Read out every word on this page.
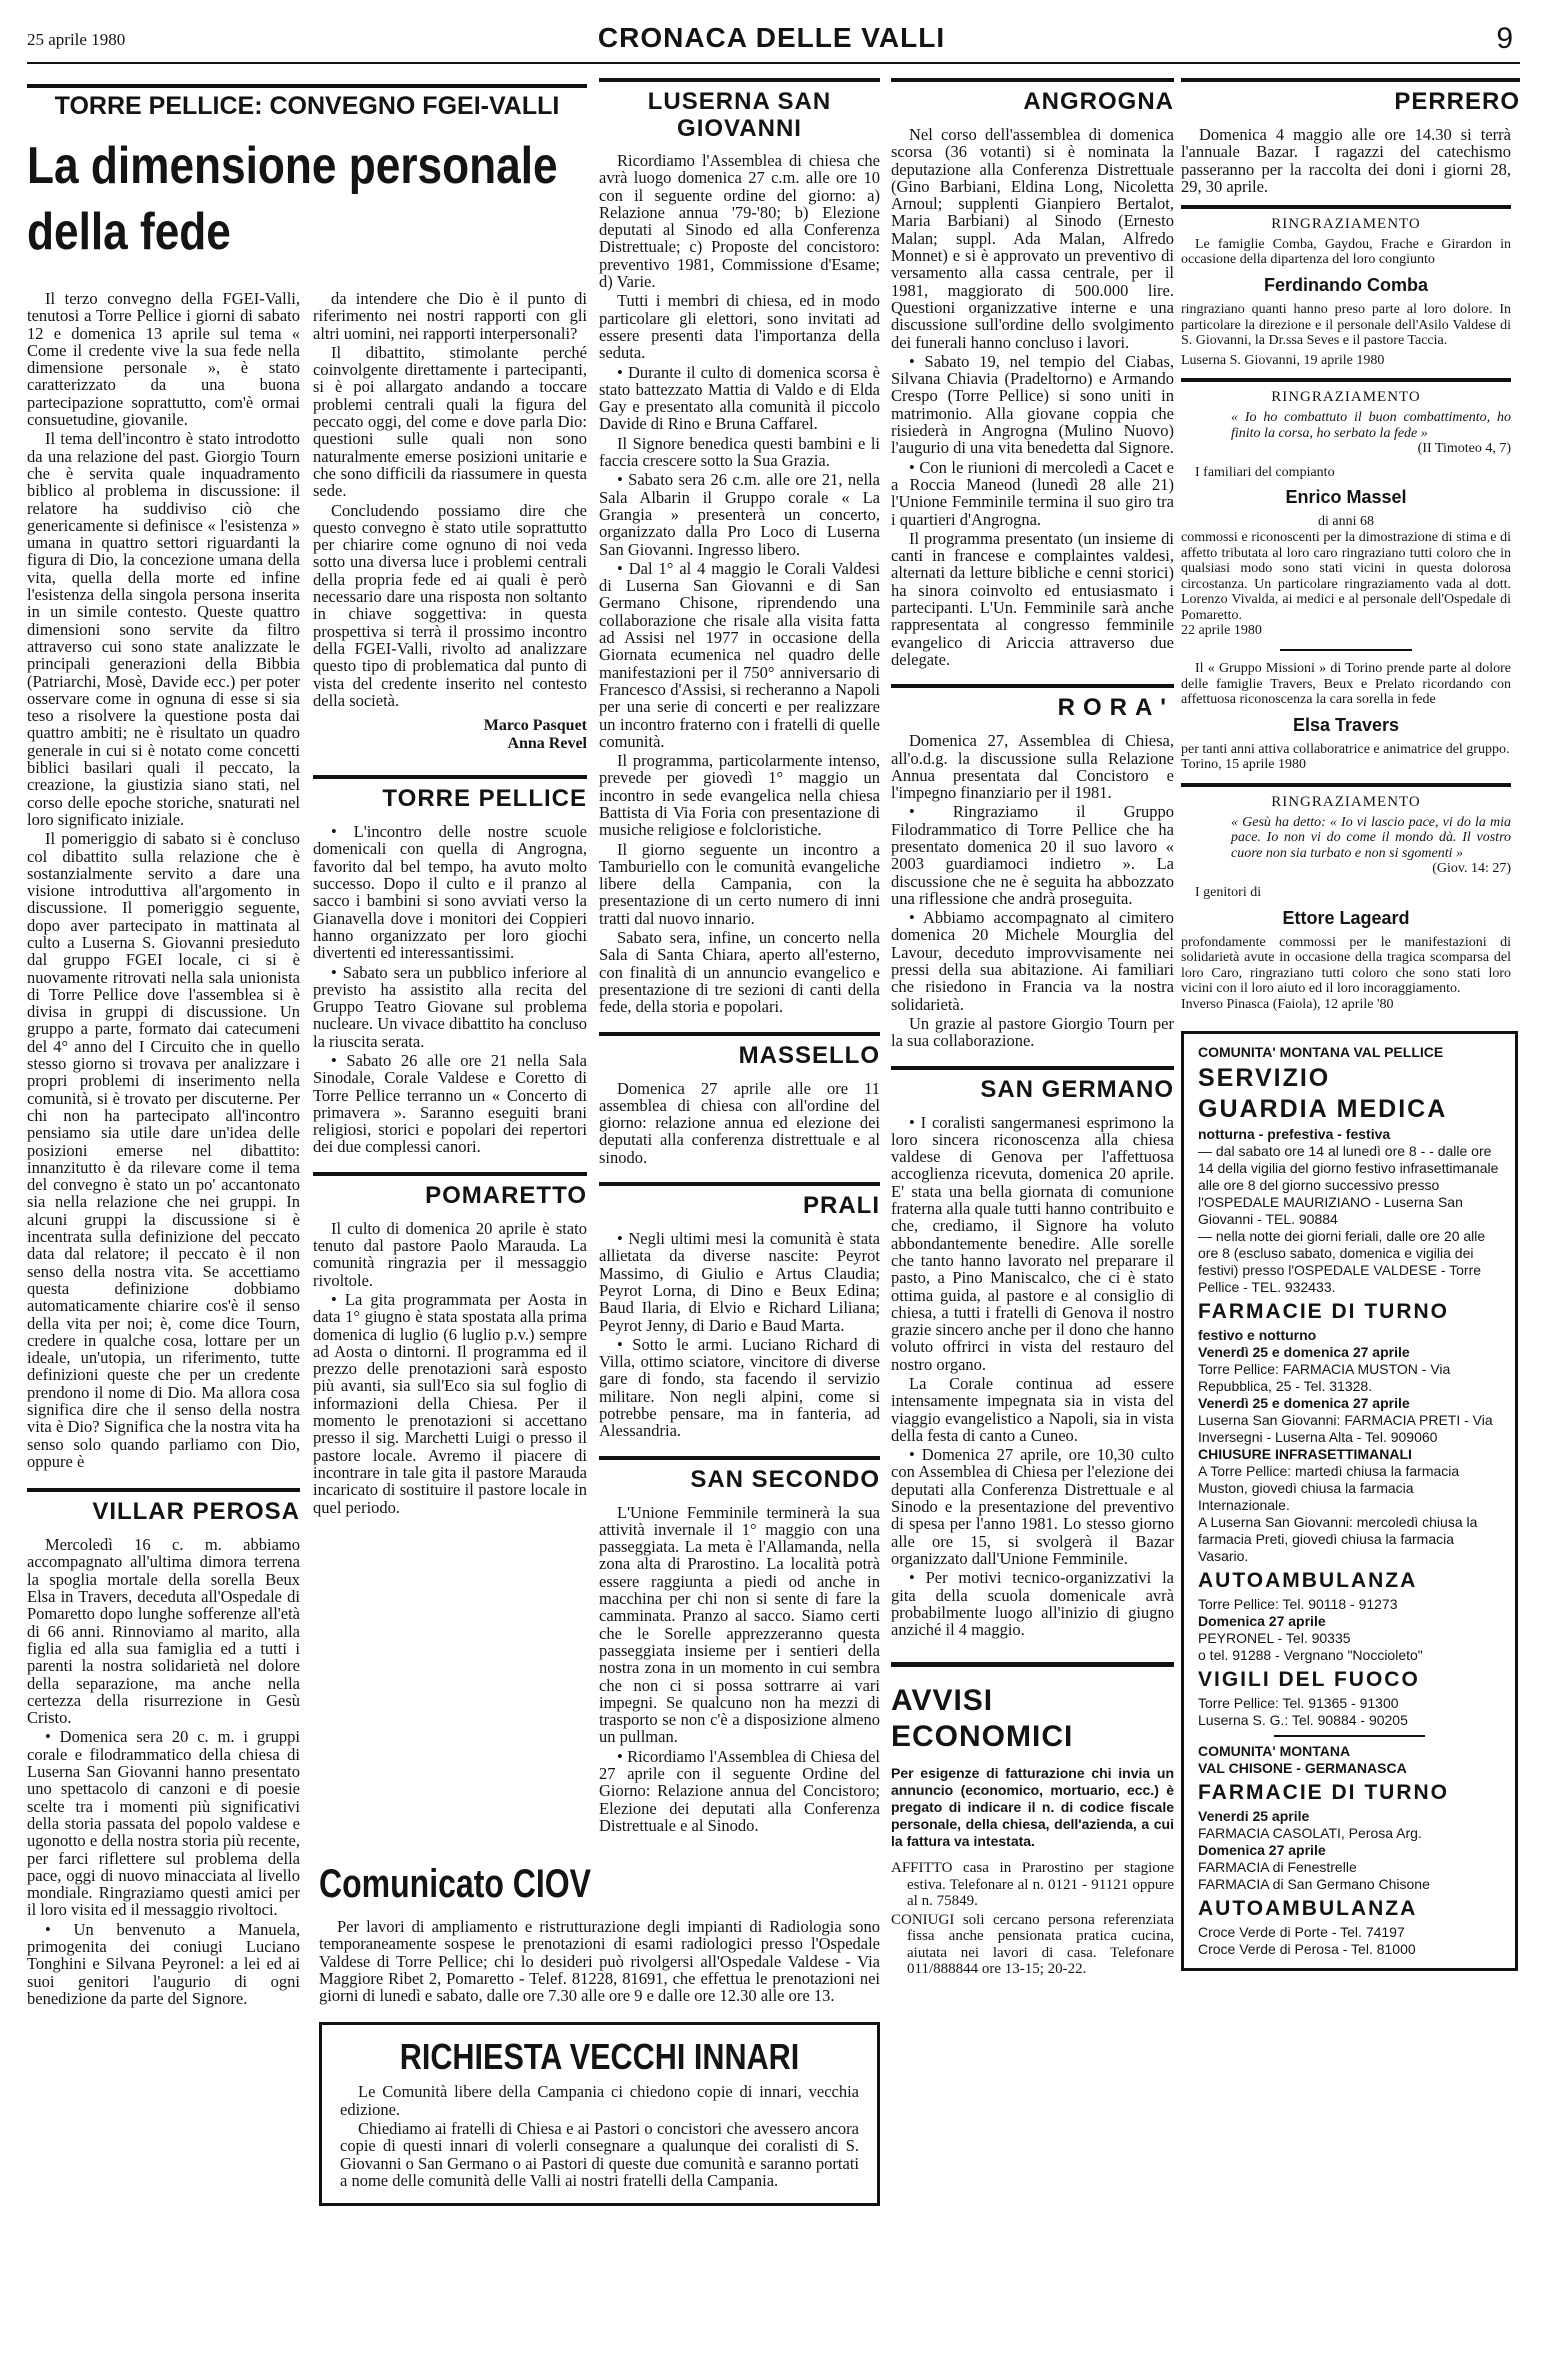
25 aprile 1980	CRONACA DELLE VALLI	9
TORRE PELLICE: CONVEGNO FGEI-VALLI
La dimensione personale della fede

Il terzo convegno della FGEI-Valli, tenutosi a Torre Pellice i giorni di sabato 12 e domenica 13 aprile sul tema « Come il credente vive la sua fede nella dimensione personale », è stato caratterizzato da una buona partecipazione soprattutto, com'è ormai consuetudine, giovanile.

Il tema dell'incontro è stato introdotto da una relazione del past. Giorgio Tourn che è servita quale inquadramento biblico al problema in discussione: il relatore ha suddiviso ciò che genericamente si definisce « l'esistenza » umana in quattro settori riguardanti la figura di Dio, la concezione umana della vita, quella della morte ed infine l'esistenza della singola persona inserita in un simile contesto. Queste quattro dimensioni sono servite da filtro attraverso cui sono state analizzate le principali generazioni della Bibbia (Patriarchi, Mosè, Davide ecc.) per poter osservare come in ognuna di esse si sia teso a risolvere la questione posta dai quattro ambiti; ne è risultato un quadro generale in cui si è notato come concetti biblici basilari quali il peccato, la creazione, la giustizia siano stati, nel corso delle epoche storiche, snaturati nel loro significato iniziale.

Il pomeriggio di sabato si è concluso col dibattito sulla relazione che è sostanzialmente servito a dare una visione introduttiva all'argomento in discussione. Il pomeriggio seguente, dopo aver partecipato in mattinata al culto a Luserna S. Giovanni presieduto dal gruppo FGEI locale, ci si è nuovamente ritrovati nella sala unionista di Torre Pellice dove l'assemblea si è divisa in gruppi di discussione. Un gruppo a parte, formato dai catecumeni del 4° anno del I Circuito che in quello stesso giorno si trovava per analizzare i propri problemi di inserimento nella comunità, si è trovato per discuterne. Per chi non ha partecipato all'incontro pensiamo sia utile dare un'idea delle posizioni emerse nel dibattito: innanzitutto è da rilevare come il tema del convegno è stato un po' accantonato sia nella relazione che nei gruppi. In alcuni gruppi la discussione si è incentrata sulla definizione del peccato data dal relatore; il peccato è il non senso della nostra vita. Se accettiamo questa definizione dobbiamo automaticamente chiarire cos'è il senso della vita per noi; è, come dice Tourn, credere in qualche cosa, lottare per un ideale, un'utopia, un riferimento, tutte definizioni queste che per un credente prendono il nome di Dio. Ma allora cosa significa dire che il senso della nostra vita è Dio? Significa che la nostra vita ha senso solo quando parliamo con Dio, oppure è

VILLAR PEROSA

Mercoledì 16 c. m. abbiamo accompagnato all'ultima dimora terrena la spoglia mortale della sorella Beux Elsa in Travers, deceduta all'Ospedale di Pomaretto dopo lunghe sofferenze all'età di 66 anni. Rinnoviamo al marito, alla figlia ed alla sua famiglia ed a tutti i parenti la nostra solidarietà nel dolore della separazione, ma anche nella certezza della risurrezione in Gesù Cristo.

• Domenica sera 20 c. m. i gruppi corale e filodrammatico della chiesa di Luserna San Giovanni hanno presentato uno spettacolo di canzoni e di poesie scelte tra i momenti più significativi della storia passata del popolo valdese e ugonotto e della nostra storia più recente, per farci riflettere sul problema della pace, oggi di nuovo minacciata al livello mondiale. Ringraziamo questi amici per il loro visita ed il messaggio rivoltoci.

• Un benvenuto a Manuela, primogenita dei coniugi Luciano Tonghini e Silvana Peyronel: a lei ed ai suoi genitori l'augurio di ogni benedizione da parte del Signore.

da intendere che Dio è il punto di riferimento nei nostri rapporti con gli altri uomini, nei rapporti interpersonali?

Il dibattito, stimolante perché coinvolgente direttamente i partecipanti, si è poi allargato andando a toccare problemi centrali quali la figura del peccato oggi, del come e dove parla Dio: questioni sulle quali non sono naturalmente emerse posizioni unitarie e che sono difficili da riassumere in questa sede.

Concludendo possiamo dire che questo convegno è stato utile soprattutto per chiarire come ognuno di noi veda sotto una diversa luce i problemi centrali della propria fede ed ai quali è però necessario dare una risposta non soltanto in chiave soggettiva: in questa prospettiva si terrà il prossimo incontro della FGEI-Valli, rivolto ad analizzare questo tipo di problematica dal punto di vista del credente inserito nel contesto della società.

Marco Pasquet
Anna Revel
TORRE PELLICE

• L'incontro delle nostre scuole domenicali con quella di Angrogna, favorito dal bel tempo, ha avuto molto successo. Dopo il culto e il pranzo al sacco i bambini si sono avviati verso la Gianavella dove i monitori dei Coppieri hanno organizzato per loro giochi divertenti ed interessantissimi.

• Sabato sera un pubblico inferiore al previsto ha assistito alla recita del Gruppo Teatro Giovane sul problema nucleare. Un vivace dibattito ha concluso la riuscita serata.

• Sabato 26 alle ore 21 nella Sala Sinodale, Corale Valdese e Coretto di Torre Pellice terranno un « Concerto di primavera ». Saranno eseguiti brani religiosi, storici e popolari dei repertori dei due complessi canori.

POMARETTO

Il culto di domenica 20 aprile è stato tenuto dal pastore Paolo Marauda. La comunità ringrazia per il messaggio rivoltole.

• La gita programmata per Aosta in data 1° giugno è stata spostata alla prima domenica di luglio (6 luglio p.v.) sempre ad Aosta o dintorni. Il programma ed il prezzo delle prenotazioni sarà esposto più avanti, sia sull'Eco sia sul foglio di informazioni della Chiesa. Per il momento le prenotazioni si accettano presso il sig. Marchetti Luigi o presso il pastore locale. Avremo il piacere di incontrare in tale gita il pastore Marauda incaricato di sostituire il pastore locale in quel periodo.

LUSERNA SAN GIOVANNI

Ricordiamo l'Assemblea di chiesa che avrà luogo domenica 27 c.m. alle ore 10 con il seguente ordine del giorno: a) Relazione annua '79-'80; b) Elezione deputati al Sinodo ed alla Conferenza Distrettuale; c) Proposte del concistoro: preventivo 1981, Commissione d'Esame; d) Varie.

Tutti i membri di chiesa, ed in modo particolare gli elettori, sono invitati ad essere presenti data l'importanza della seduta.

• Durante il culto di domenica scorsa è stato battezzato Mattia di Valdo e di Elda Gay e presentato alla comunità il piccolo Davide di Rino e Bruna Caffarel.

Il Signore benedica questi bambini e li faccia crescere sotto la Sua Grazia.

• Sabato sera 26 c.m. alle ore 21, nella Sala Albarin il Gruppo corale « La Grangia » presenterà un concerto, organizzato dalla Pro Loco di Luserna San Giovanni. Ingresso libero.

• Dal 1° al 4 maggio le Corali Valdesi di Luserna San Giovanni e di San Germano Chisone, riprendendo una collaborazione che risale alla visita fatta ad Assisi nel 1977 in occasione della Giornata ecumenica nel quadro delle manifestazioni per il 750° anniversario di Francesco d'Assisi, si recheranno a Napoli per una serie di concerti e per realizzare un incontro fraterno con i fratelli di quelle comunità.

Il programma, particolarmente intenso, prevede per giovedì 1° maggio un incontro in sede evangelica nella chiesa Battista di Via Foria con presentazione di musiche religiose e folcloristiche.

Il giorno seguente un incontro a Tamburiello con le comunità evangeliche libere della Campania, con la presentazione di un certo numero di inni tratti dal nuovo innario.

Sabato sera, infine, un concerto nella Sala di Santa Chiara, aperto all'esterno, con finalità di un annuncio evangelico e presentazione di tre sezioni di canti della fede, della storia e popolari.

MASSELLO

Domenica 27 aprile alle ore 11 assemblea di chiesa con all'ordine del giorno: relazione annua ed elezione dei deputati alla conferenza distrettuale e al sinodo.

PRALI

• Negli ultimi mesi la comunità è stata allietata da diverse nascite: Peyrot Massimo, di Giulio e Artus Claudia; Peyrot Lorna, di Dino e Beux Edina; Baud Ilaria, di Elvio e Richard Liliana; Peyrot Jenny, di Dario e Baud Marta.

• Sotto le armi. Luciano Richard di Villa, ottimo sciatore, vincitore di diverse gare di fondo, sta facendo il servizio militare. Non negli alpini, come si potrebbe pensare, ma in fanteria, ad Alessandria.

SAN SECONDO

L'Unione Femminile terminerà la sua attività invernale il 1° maggio con una passeggiata. La meta è l'Allamanda, nella zona alta di Prarostino. La località potrà essere raggiunta a piedi od anche in macchina per chi non si sente di fare la camminata. Pranzo al sacco. Siamo certi che le Sorelle apprezzeranno questa passeggiata insieme per i sentieri della nostra zona in un momento in cui sembra che non ci si possa sottrarre ai vari impegni. Se qualcuno non ha mezzi di trasporto se non c'è a disposizione almeno un pullman.

• Ricordiamo l'Assemblea di Chiesa del 27 aprile con il seguente Ordine del Giorno: Relazione annua del Concistoro; Elezione dei deputati alla Conferenza Distrettuale e al Sinodo.

Comunicato CIOV

Per lavori di ampliamento e ristrutturazione degli impianti di Radiologia sono temporaneamente sospese le prenotazioni di esami radiologici presso l'Ospedale Valdese di Torre Pellice; chi lo desideri può rivolgersi all'Ospedale Valdese - Via Maggiore Ribet 2, Pomaretto - Telef. 81228, 81691, che effettua le prenotazioni nei giorni di lunedì e sabato, dalle ore 7.30 alle ore 9 e dalle ore 12.30 alle ore 13.

RICHIESTA VECCHI INNARI

Le Comunità libere della Campania ci chiedono copie di innari, vecchia edizione.

Chiediamo ai fratelli di Chiesa e ai Pastori o concistori che avessero ancora copie di questi innari di volerli consegnare a qualunque dei coralisti di S. Giovanni o San Germano o ai Pastori di queste due comunità e saranno portati a nome delle comunità delle Valli ai nostri fratelli della Campania.

ANGROGNA

Nel corso dell'assemblea di domenica scorsa (36 votanti) si è nominata la deputazione alla Conferenza Distrettuale (Gino Barbiani, Eldina Long, Nicoletta Arnoul; supplenti Gianpiero Bertalot, Maria Barbiani) al Sinodo (Ernesto Malan; suppl. Ada Malan, Alfredo Monnet) e si è approvato un preventivo di versamento alla cassa centrale, per il 1981, maggiorato di 500.000 lire. Questioni organizzative interne e una discussione sull'ordine dello svolgimento dei funerali hanno concluso i lavori.

• Sabato 19, nel tempio del Ciabas, Silvana Chiavia (Pradeltorno) e Armando Crespo (Torre Pellice) si sono uniti in matrimonio. Alla giovane coppia che risiederà in Angrogna (Mulino Nuovo) l'augurio di una vita benedetta dal Signore.

• Con le riunioni di mercoledì a Cacet e a Roccia Maneod (lunedì 28 alle 21) l'Unione Femminile termina il suo giro tra i quartieri d'Angrogna.

Il programma presentato (un insieme di canti in francese e complaintes valdesi, alternati da letture bibliche e cenni storici) ha sinora coinvolto ed entusiasmato i partecipanti. L'Un. Femminile sarà anche rappresentata al congresso femminile evangelico di Ariccia attraverso due delegate.

RORA'

Domenica 27, Assemblea di Chiesa, all'o.d.g. la discussione sulla Relazione Annua presentata dal Concistoro e l'impegno finanziario per il 1981.

• Ringraziamo il Gruppo Filodrammatico di Torre Pellice che ha presentato domenica 20 il suo lavoro « 2003 guardiamoci indietro ». La discussione che ne è seguita ha abbozzato una riflessione che andrà proseguita.

• Abbiamo accompagnato al cimitero domenica 20 Michele Mourglia del Lavour, deceduto improvvisamente nei pressi della sua abitazione. Ai familiari che risiedono in Francia va la nostra solidarietà.

Un grazie al pastore Giorgio Tourn per la sua collaborazione.

SAN GERMANO

• I coralisti sangermanesi esprimono la loro sincera riconoscenza alla chiesa valdese di Genova per l'affettuosa accoglienza ricevuta, domenica 20 aprile. E' stata una bella giornata di comunione fraterna alla quale tutti hanno contribuito e che, crediamo, il Signore ha voluto abbondantemente benedire. Alle sorelle che tanto hanno lavorato nel preparare il pasto, a Pino Maniscalco, che ci è stato ottima guida, al pastore e al consiglio di chiesa, a tutti i fratelli di Genova il nostro grazie sincero anche per il dono che hanno voluto offrirci in vista del restauro del nostro organo.

La Corale continua ad essere intensamente impegnata sia in vista del viaggio evangelistico a Napoli, sia in vista della festa di canto a Cuneo.

• Domenica 27 aprile, ore 10,30 culto con Assemblea di Chiesa per l'elezione dei deputati alla Conferenza Distrettuale e al Sinodo e la presentazione del preventivo di spesa per l'anno 1981. Lo stesso giorno alle ore 15, si svolgerà il Bazar organizzato dall'Unione Femminile.

• Per motivi tecnico-organizzativi la gita della scuola domenicale avrà probabilmente luogo all'inizio di giugno anziché il 4 maggio.

AVVISI ECONOMICI
Per esigenze di fatturazione chi invia un annuncio (economico, mortuario, ecc.) è pregato di indicare il n. di codice fiscale personale, della chiesa, dell'azienda, a cui la fattura va intestata.

AFFITTO casa in Prarostino per stagione estiva. Telefonare al n. 0121 - 91121 oppure al n. 75849.

CONIUGI soli cercano persona referenziata fissa anche pensionata pratica cucina, aiutata nei lavori di casa. Telefonare 011/888844 ore 13-15; 20-22.

PERRERO

Domenica 4 maggio alle ore 14.30 si terrà l'annuale Bazar. I ragazzi del catechismo passeranno per la raccolta dei doni i giorni 28, 29, 30 aprile.

RINGRAZIAMENTO

Le famiglie Comba, Gaydou, Frache e Girardon in occasione della dipartenza del loro congiunto

Ferdinando Comba

ringraziano quanti hanno preso parte al loro dolore. In particolare la direzione e il personale dell'Asilo Valdese di S. Giovanni, la Dr.ssa Seves e il pastore Taccia.

Luserna S. Giovanni, 19 aprile 1980

RINGRAZIAMENTO

« Io ho combattuto il buon combattimento, ho finito la corsa, ho serbato la fede »

(II Timoteo 4, 7)

I familiari del compianto

Enrico Massel

di anni 68

commossi e riconoscenti per la dimostrazione di stima e di affetto tributata al loro caro ringraziano tutti coloro che in qualsiasi modo sono stati vicini in questa dolorosa circostanza. Un particolare ringraziamento vada al dott. Lorenzo Vivalda, ai medici e al personale dell'Ospedale di Pomaretto.

22 aprile 1980

Il « Gruppo Missioni » di Torino prende parte al dolore delle famiglie Travers, Beux e Prelato ricordando con affettuosa riconoscenza la cara sorella in fede

Elsa Travers

per tanti anni attiva collaboratrice e animatrice del gruppo.

Torino, 15 aprile 1980

RINGRAZIAMENTO

« Gesù ha detto: « Io vi lascio pace, vi do la mia pace. Io non vi do come il mondo dà. Il vostro cuore non sia turbato e non si sgomenti »

(Giov. 14: 27)

I genitori di

Ettore Lageard

profondamente commossi per le manifestazioni di solidarietà avute in occasione della tragica scomparsa del loro Caro, ringraziano tutti coloro che sono stati loro vicini con il loro aiuto ed il loro incoraggiamento.

Inverso Pinasca (Faiola), 12 aprile '80

COMUNITA' MONTANA VAL PELLICE
SERVIZIO
GUARDIA MEDICA
notturna - prefestiva - festiva
— dal sabato ore 14 al lunedì ore 8 - - dalle ore 14 della vigilia del giorno festivo infrasettimanale alle ore 8 del giorno successivo presso l'OSPEDALE MAURIZIANO - Luserna San Giovanni - TEL. 90884
— nella notte dei giorni feriali, dalle ore 20 alle ore 8 (escluso sabato, domenica e vigilia dei festivi) presso l'OSPEDALE VALDESE - Torre Pellice - TEL. 932433.
FARMACIE DI TURNO
festivo e notturno
Venerdì 25 e domenica 27 aprile
Torre Pellice: FARMACIA MUSTON - Via Repubblica, 25 - Tel. 31328.
Venerdì 25 e domenica 27 aprile
Luserna San Giovanni: FARMACIA PRETI - Via Inversegni - Luserna Alta - Tel. 909060
CHIUSURE INFRASETTIMANALI
A Torre Pellice: martedì chiusa la farmacia Muston, giovedì chiusa la farmacia Internazionale.
A Luserna San Giovanni: mercoledì chiusa la farmacia Preti, giovedì chiusa la farmacia Vasario.
AUTOAMBULANZA
Torre Pellice: Tel. 90118 - 91273
Domenica 27 aprile
PEYRONEL - Tel. 90335
o tel. 91288 - Vergnano "Noccioleto"
VIGILI DEL FUOCO
Torre Pellice: Tel. 91365 - 91300
Luserna S. G.: Tel. 90884 - 90205
COMUNITA' MONTANA
VAL CHISONE - GERMANASCA
FARMACIE DI TURNO
Venerdi 25 aprile
FARMACIA CASOLATI, Perosa Arg.
Domenica 27 aprile
FARMACIA di Fenestrelle
FARMACIA di San Germano Chisone
AUTOAMBULANZA
Croce Verde di Porte - Tel. 74197
Croce Verde di Perosa - Tel. 81000
